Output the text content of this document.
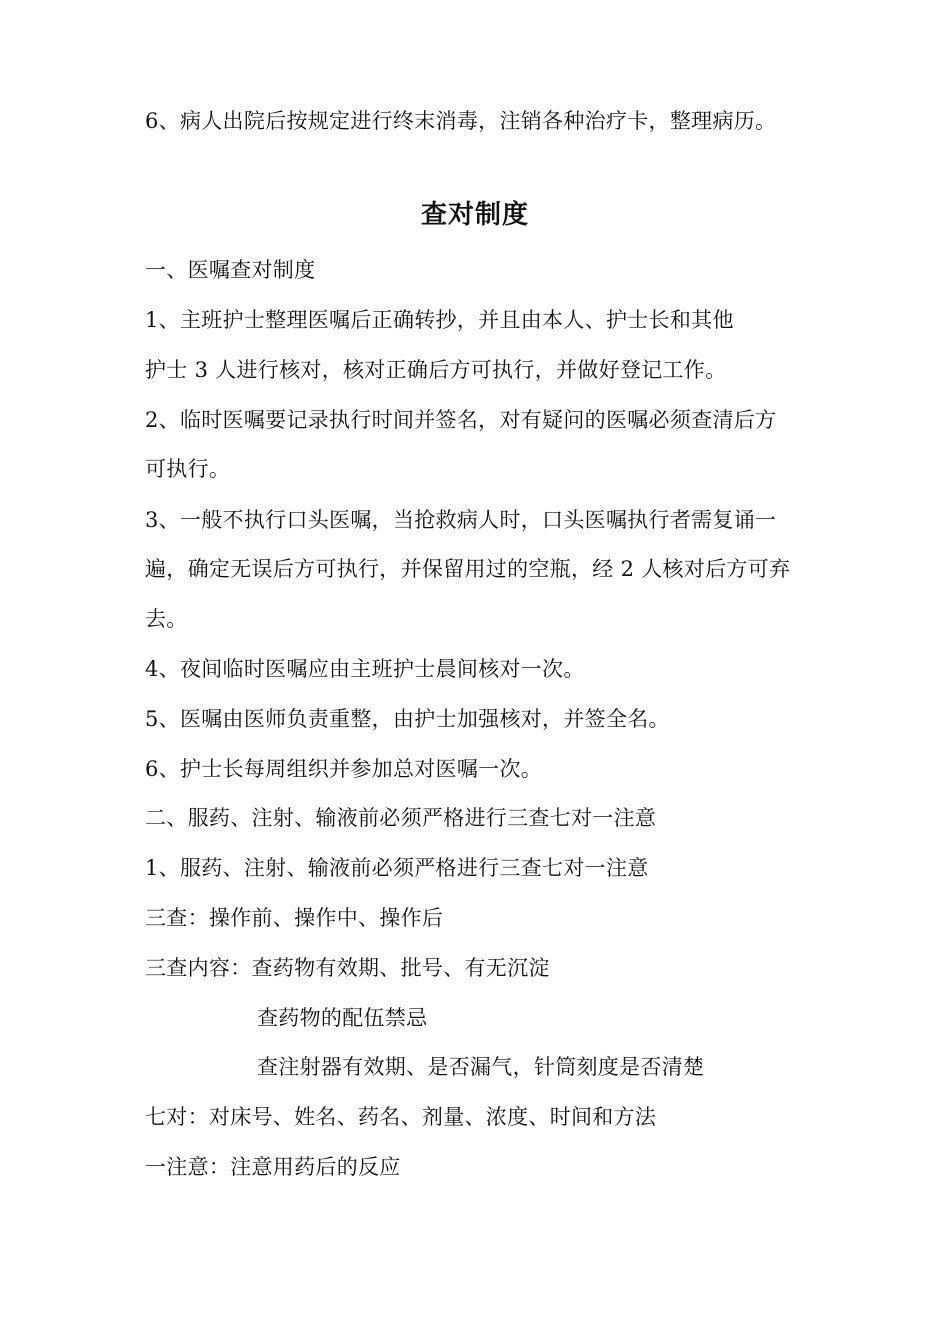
6、病人出院后按规定进行终末消毒，注销各种治疗卡，整理病历。
查对制度
一、医嘱查对制度
1、主班护士整理医嘱后正确转抄，并且由本人、护士长和其他
护士 3 人进行核对，核对正确后方可执行，并做好登记工作。
2、临时医嘱要记录执行时间并签名，对有疑问的医嘱必须查清后方
可执行。
3、一般不执行口头医嘱，当抢救病人时，口头医嘱执行者需复诵一
遍，确定无误后方可执行，并保留用过的空瓶，经 2 人核对后方可弃
去。
4、夜间临时医嘱应由主班护士晨间核对一次。
5、医嘱由医师负责重整，由护士加强核对，并签全名。
6、护士长每周组织并参加总对医嘱一次。
二、服药、注射、输液前必须严格进行三查七对一注意
1、服药、注射、输液前必须严格进行三查七对一注意
三查：操作前、操作中、操作后
三查内容：查药物有效期、批号、有无沉淀
查药物的配伍禁忌
查注射器有效期、是否漏气，针筒刻度是否清楚
七对：对床号、姓名、药名、剂量、浓度、时间和方法
一注意：注意用药后的反应
